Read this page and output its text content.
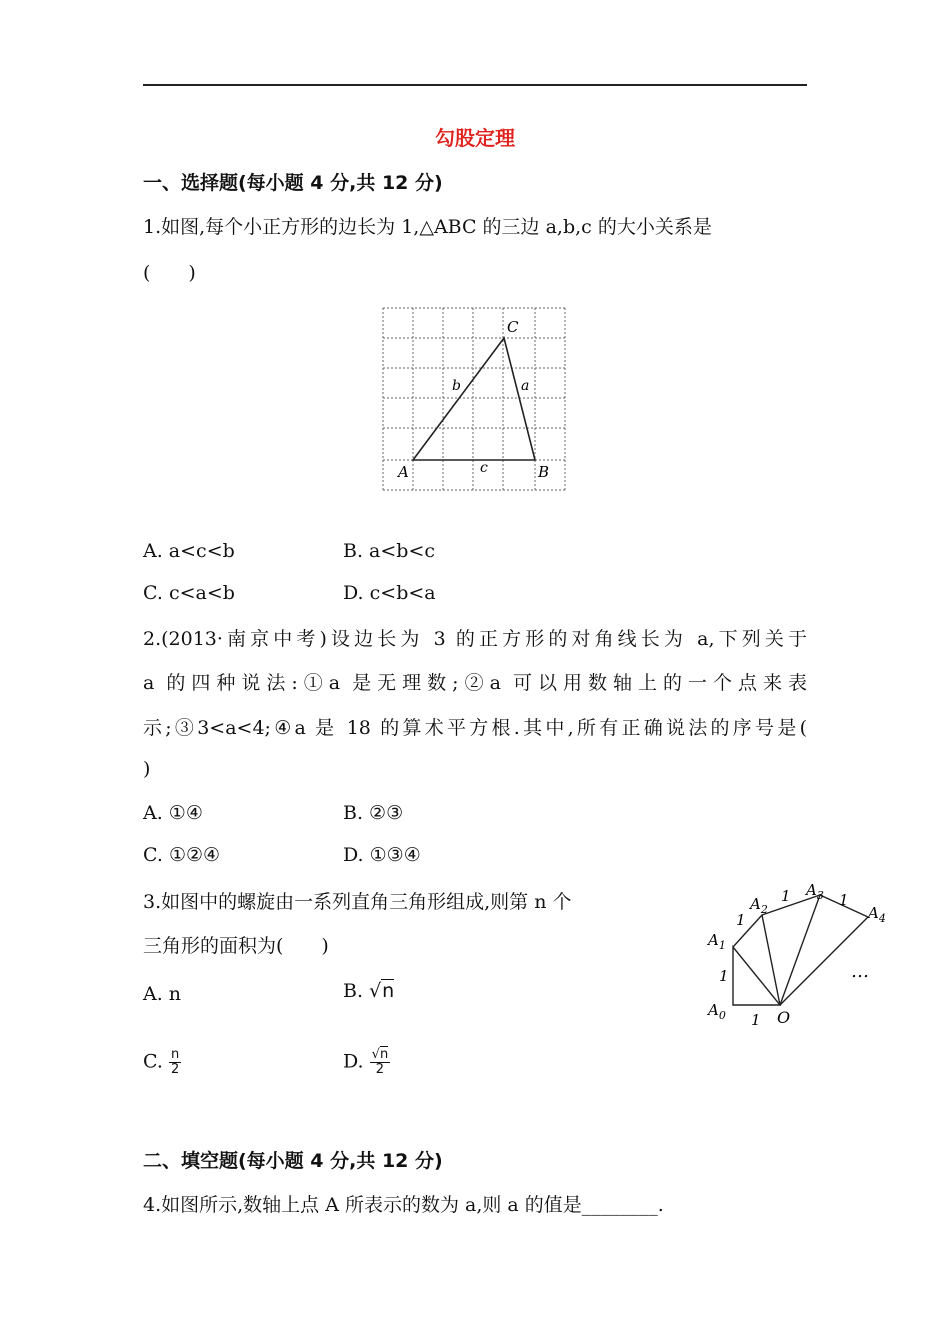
勾股定理
一、选择题(每小题 4 分,共 12 分)
1.如图,每个小正方形的边长为 1,△ABC 的三边 a,b,c 的大小关系是
(　　)
A	B
C
a
b
c
A. a<c<b	B. a<b<c
C. c<a<b	D. c<b<a
2.(2013·南京中考)设边长为 3 的正方形的对角线长为 a,下列关于
a 的四种说法:①a 是无理数;②a 可以用数轴上的一个点来表
示;③3<a<4;④a 是 18 的算术平方根.其中,所有正确说法的序号是(
)
A. ①④	B. ②③
C. ①②④	D. ①③④
3.如图中的螺旋由一系列直角三角形组成,则第 n 个
三角形的面积为(　　)
A. n	B. √n
C. $\frac{n}{2}$	D. $\frac{√n}{2}$
$A_0$
$A_1$
$A_2$
$A_3$
$A_4$
O
1
1
1
1	1
…
二、填空题(每小题 4 分,共 12 分)
4.如图所示,数轴上点 A 所表示的数为 a,则 a 的值是________.
